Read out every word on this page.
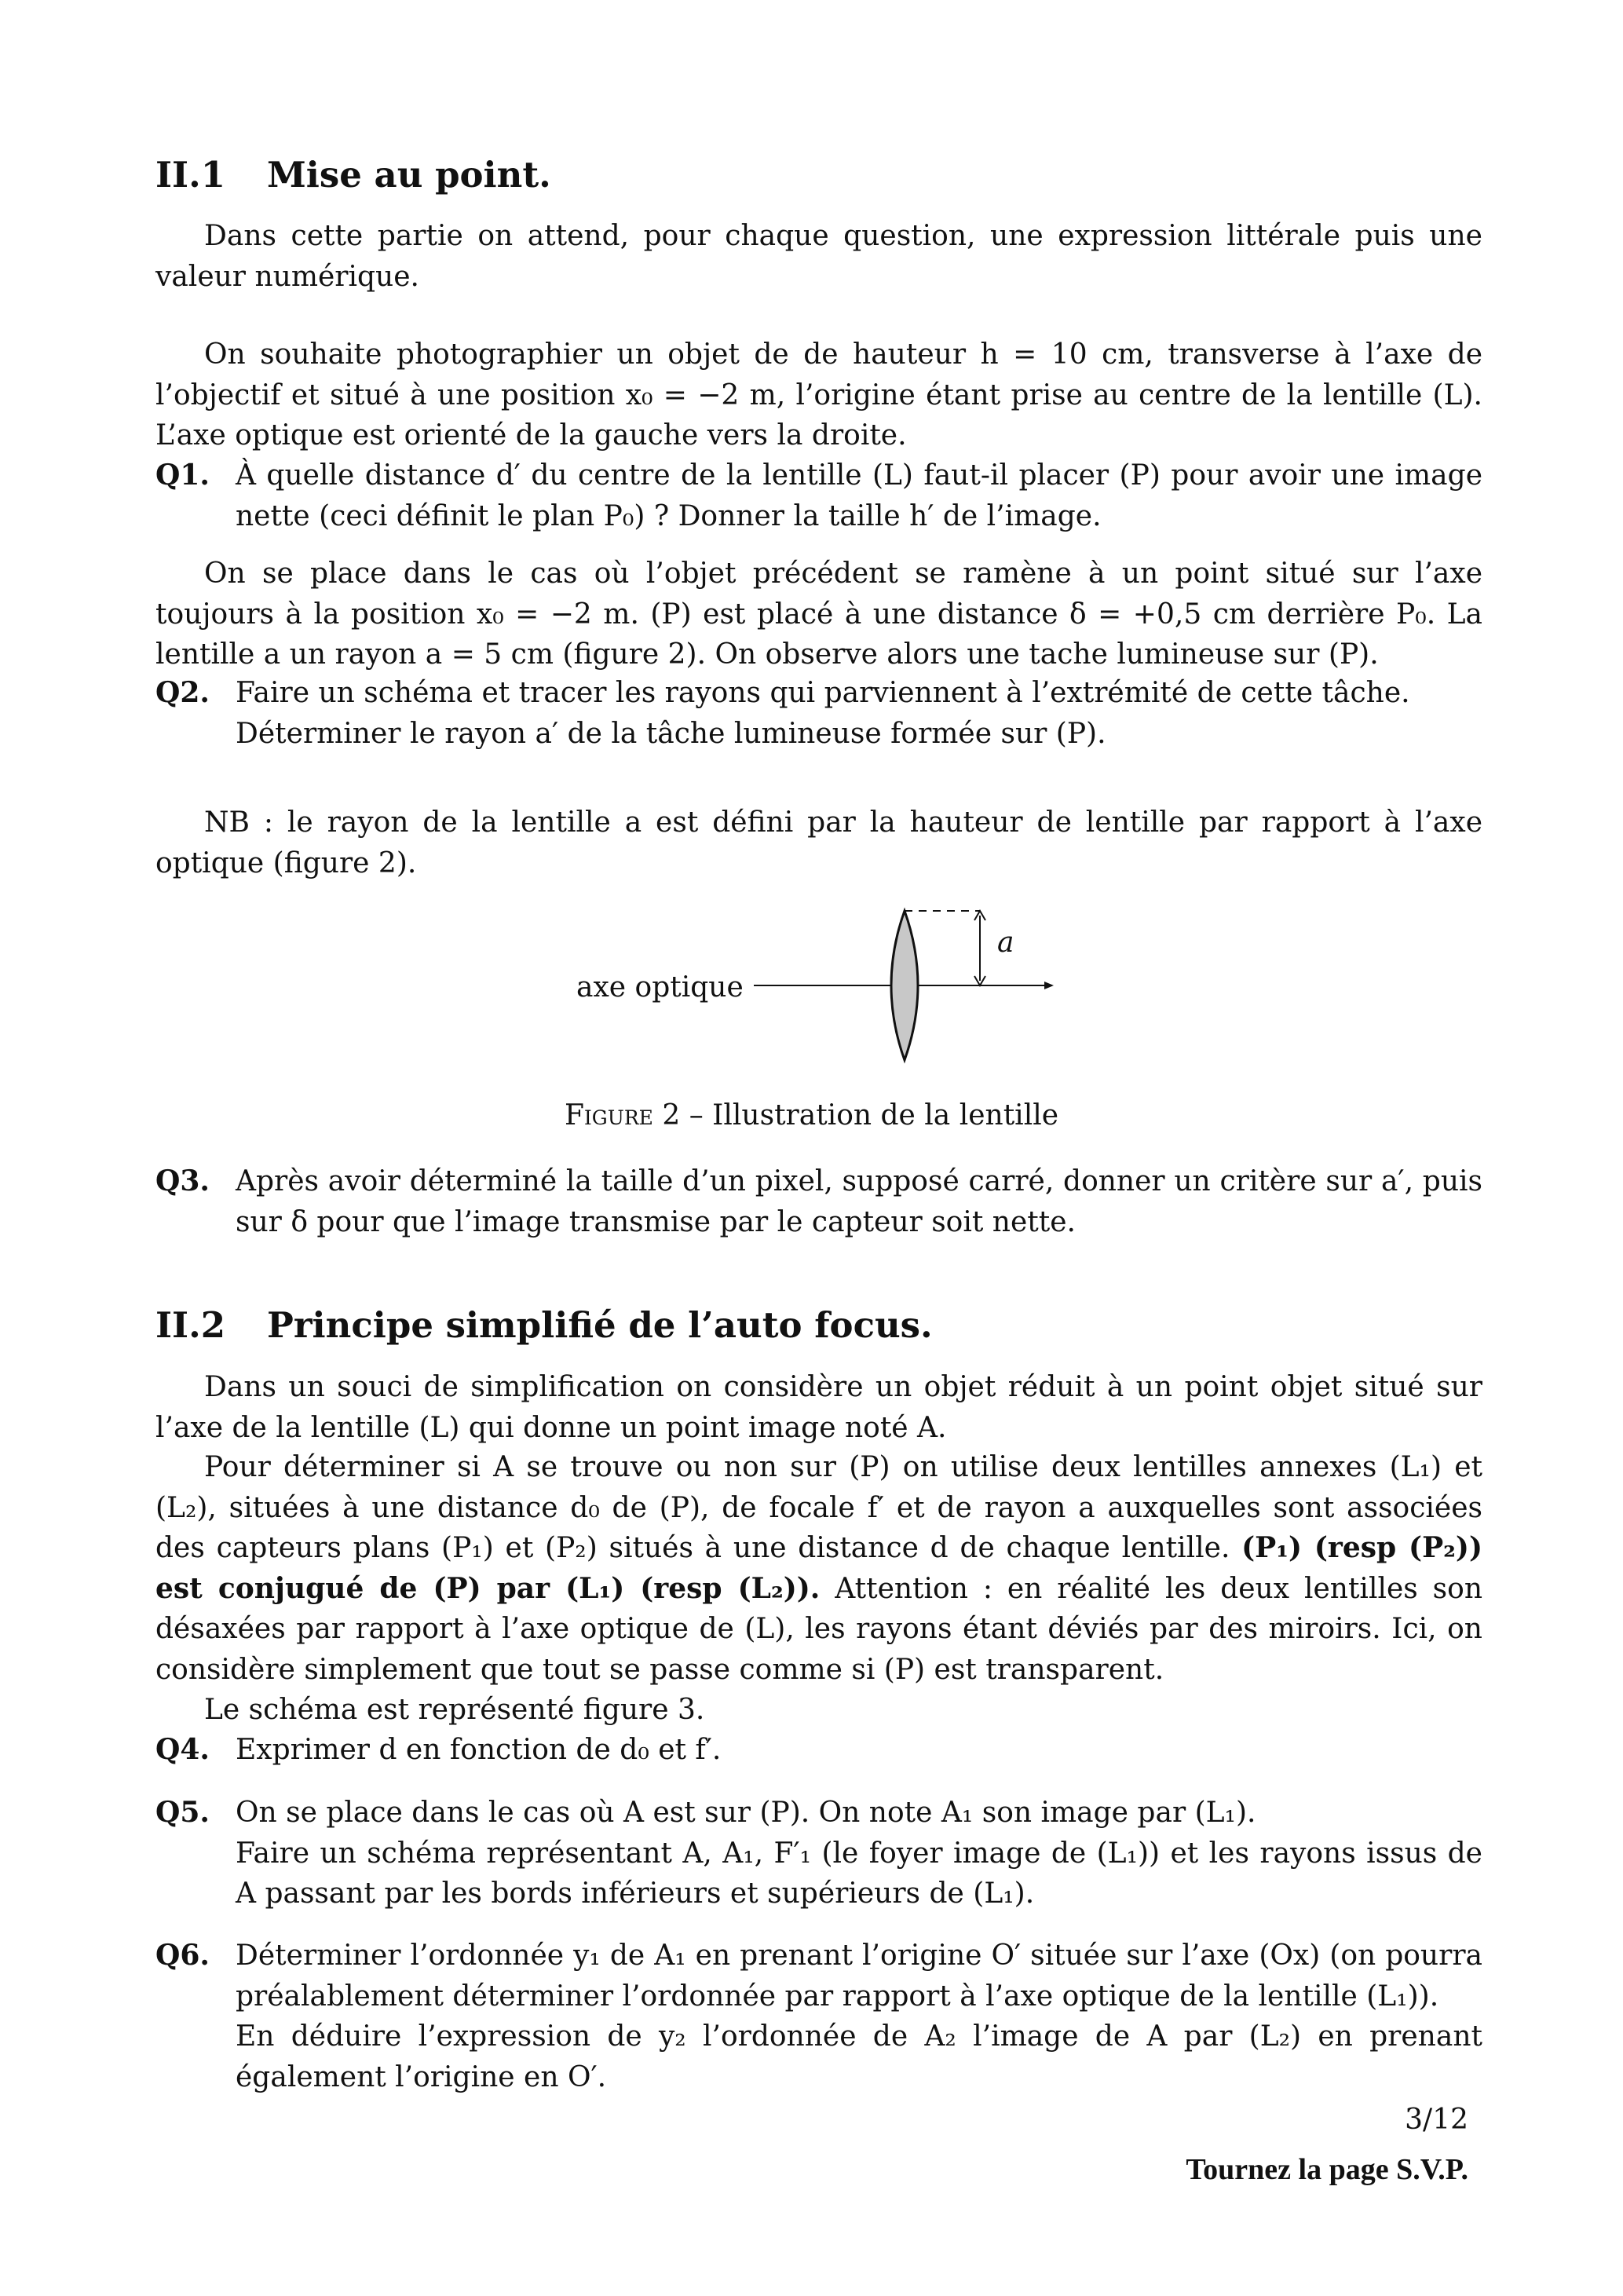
II.1 Mise au point.

Dans cette partie on attend, pour chaque question, une expression littérale puis une valeur numérique.

On souhaite photographier un objet de de hauteur h = 10 cm, transverse à l’axe de l’objectif et situé à une position x₀ = −2 m, l’origine étant prise au centre de la lentille (L). L’axe optique est orienté de la gauche vers la droite.

Q1. À quelle distance d′ du centre de la lentille (L) faut-il placer (P) pour avoir une image nette (ceci définit le plan P₀) ? Donner la taille h′ de l’image.

On se place dans le cas où l’objet précédent se ramène à un point situé sur l’axe toujours à la position x₀ = −2 m. (P) est placé à une distance δ = +0,5 cm derrière P₀. La lentille a un rayon a = 5 cm (figure 2). On observe alors une tache lumineuse sur (P).

Q2. Faire un schéma et tracer les rayons qui parviennent à l’extrémité de cette tâche.

Déterminer le rayon a′ de la tâche lumineuse formée sur (P).

NB : le rayon de la lentille a est défini par la hauteur de lentille par rapport à l’axe optique (figure 2).

axe optique
a
Figure 2 – Illustration de la lentille
Q3. Après avoir déterminé la taille d’un pixel, supposé carré, donner un critère sur a′, puis sur δ pour que l’image transmise par le capteur soit nette.

II.2 Principe simplifié de l’auto focus.

Dans un souci de simplification on considère un objet réduit à un point objet situé sur l’axe de la lentille (L) qui donne un point image noté A.

Pour déterminer si A se trouve ou non sur (P) on utilise deux lentilles annexes (L₁) et (L₂), situées à une distance d₀ de (P), de focale f′ et de rayon a auxquelles sont associées des capteurs plans (P₁) et (P₂) situés à une distance d de chaque lentille. (P₁) (resp (P₂)) est conjugué de (P) par (L₁) (resp (L₂)). Attention : en réalité les deux lentilles son désaxées par rapport à l’axe optique de (L), les rayons étant déviés par des miroirs. Ici, on considère simplement que tout se passe comme si (P) est transparent.

Le schéma est représenté figure 3.

Q4. Exprimer d en fonction de d₀ et f′.

Q5. On se place dans le cas où A est sur (P). On note A₁ son image par (L₁).

Faire un schéma représentant A, A₁, F′₁ (le foyer image de (L₁)) et les rayons issus de A passant par les bords inférieurs et supérieurs de (L₁).

Q6. Déterminer l’ordonnée y₁ de A₁ en prenant l’origine O′ située sur l’axe (Ox) (on pourra préalablement déterminer l’ordonnée par rapport à l’axe optique de la lentille (L₁)).

En déduire l’expression de y₂ l’ordonnée de A₂ l’image de A par (L₂) en prenant également l’origine en O′.

3/12
Tournez la page S.V.P.
